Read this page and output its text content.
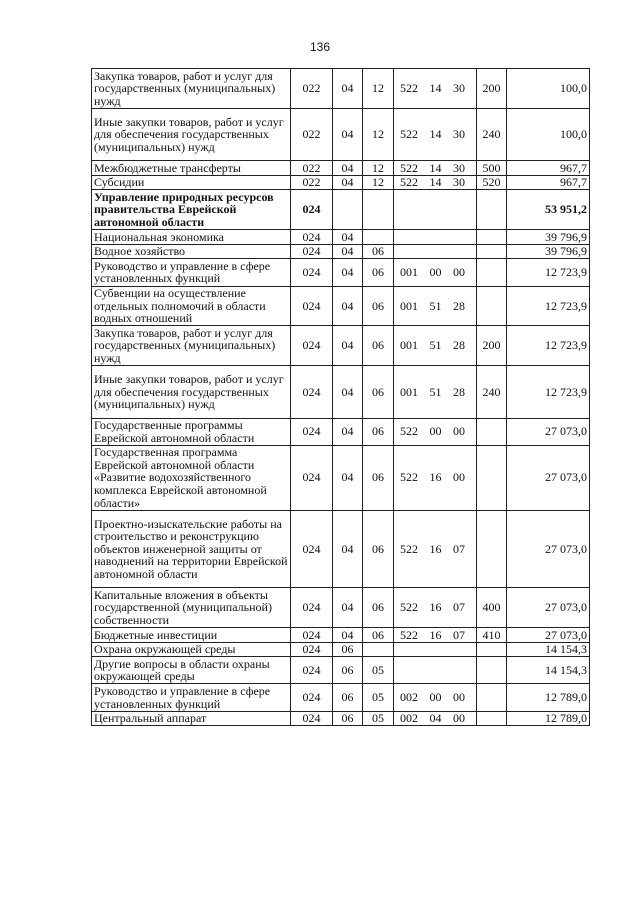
136
Закупка товаров, работ и услуг для государственных (муниципальных) нужд	022	04	12	522 14 30	200	100,0
Иные закупки товаров, работ и услуг для обеспечения государственных (муниципальных) нужд	022	04	12	522 14 30	240	100,0
Межбюджетные трансферты	022	04	12	522 14 30	500	967,7
Субсидии	022	04	12	522 14 30	520	967,7
Управление природных ресурсов правительства Еврейской автономной области	024					53 951,2
Национальная экономика	024	04				39 796,9
Водное хозяйство	024	04	06			39 796,9
Руководство и управление в сфере установленных функций	024	04	06	001 00 00		12 723,9
Субвенции на осуществление отдельных полномочий в области водных отношений	024	04	06	001 51 28		12 723,9
Закупка товаров, работ и услуг для государственных (муниципальных) нужд	024	04	06	001 51 28	200	12 723,9
Иные закупки товаров, работ и услуг для обеспечения государственных (муниципальных) нужд	024	04	06	001 51 28	240	12 723,9
Государственные программы Еврейской автономной области	024	04	06	522 00 00		27 073,0
Государственная программа Еврейской автономной области «Развитие водохозяйственного комплекса Еврейской автономной области»	024	04	06	522 16 00		27 073,0
Проектно-изыскательские работы на строительство и реконструкцию объектов инженерной защиты от наводнений на территории Еврейской автономной области	024	04	06	522 16 07		27 073,0
Капитальные вложения в объекты государственной (муниципальной) собственности	024	04	06	522 16 07	400	27 073,0
Бюджетные инвестиции	024	04	06	522 16 07	410	27 073,0
Охрана окружающей среды	024	06				14 154,3
Другие вопросы в области охраны окружающей среды	024	06	05			14 154,3
Руководство и управление в сфере установленных функций	024	06	05	002 00 00		12 789,0
Центральный аппарат	024	06	05	002 04 00		12 789,0
